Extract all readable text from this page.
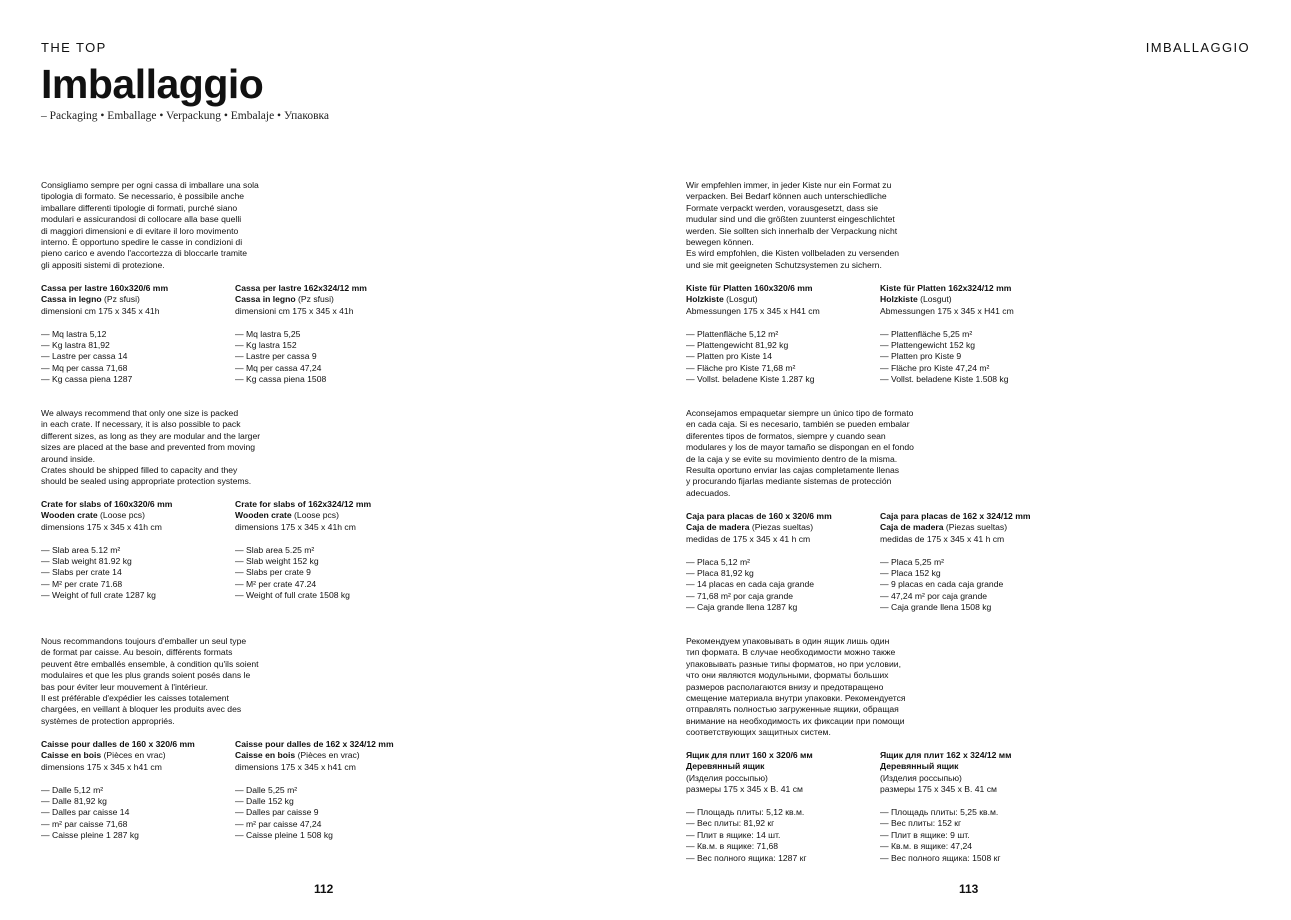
THE TOP
Imballaggio
– Packaging • Emballage • Verpackung • Embalaje • Упаковка
IMBALLAGGIO
Consigliamo sempre per ogni cassa di imballare una sola
tipologia di formato. Se necessario, è possibile anche
imballare differenti tipologie di formati, purché siano
modulari e assicurandosi di collocare alla base quelli
di maggiori dimensioni e di evitare il loro movimento
interno. È opportuno spedire le casse in condizioni di
pieno carico e avendo l'accortezza di bloccarle tramite
gli appositi sistemi di protezione.
Cassa per lastre 160x320/6 mm
Cassa in legno (Pz sfusi)
dimensioni cm 175 x 345 x 41h
— Mq lastra 5,12
— Kg lastra 81,92
— Lastre per cassa 14
— Mq per cassa 71,68
— Kg cassa piena 1287
Cassa per lastre 162x324/12 mm
Cassa in legno (Pz sfusi)
dimensioni cm 175 x 345 x 41h
— Mq lastra 5,25
— Kg lastra 152
— Lastre per cassa 9
— Mq per cassa 47,24
— Kg cassa piena 1508
We always recommend that only one size is packed
in each crate. If necessary, it is also possible to pack
different sizes, as long as they are modular and the larger
sizes are placed at the base and prevented from moving
around inside.
Crates should be shipped filled to capacity and they
should be sealed using appropriate protection systems.
Crate for slabs of 160x320/6 mm
Wooden crate (Loose pcs)
dimensions 175 x 345 x 41h cm
— Slab area 5.12 m²
— Slab weight 81.92 kg
— Slabs per crate 14
— M² per crate 71.68
— Weight of full crate 1287 kg
Crate for slabs of 162x324/12 mm
Wooden crate (Loose pcs)
dimensions 175 x 345 x 41h cm
— Slab area 5.25 m²
— Slab weight 152 kg
— Slabs per crate 9
— M² per crate 47.24
— Weight of full crate 1508 kg
Nous recommandons toujours d'emballer un seul type
de format par caisse. Au besoin, différents formats
peuvent être emballés ensemble, à condition qu'ils soient
modulaires et que les plus grands soient posés dans le
bas pour éviter leur mouvement à l'intérieur.
Il est préférable d'expédier les caisses totalement
chargées, en veillant à bloquer les produits avec des
systèmes de protection appropriés.
Caisse pour dalles de 160 x 320/6 mm
Caisse en bois (Pièces en vrac)
dimensions 175 x 345 x h41 cm
— Dalle 5,12 m²
— Dalle 81,92 kg
— Dalles par caisse 14
— m² par caisse 71,68
— Caisse pleine 1 287 kg
Caisse pour dalles de 162 x 324/12 mm
Caisse en bois (Pièces en vrac)
dimensions 175 x 345 x h41 cm
— Dalle 5,25 m²
— Dalle 152 kg
— Dalles par caisse 9
— m² par caisse 47,24
— Caisse pleine 1 508 kg
Wir empfehlen immer, in jeder Kiste nur ein Format zu
verpacken. Bei Bedarf können auch unterschiedliche
Formate verpackt werden, vorausgesetzt, dass sie
mudular sind und die größten zuunterst eingeschlichtet
werden. Sie sollten sich innerhalb der Verpackung nicht
bewegen können.
Es wird empfohlen, die Kisten vollbeladen zu versenden
und sie mit geeigneten Schutzsystemen zu sichern.
Kiste für Platten 160x320/6 mm
Holzkiste (Losgut)
Abmessungen 175 x 345 x H41 cm
— Plattenfläche 5,12 m²
— Plattengewicht 81,92 kg
— Platten pro Kiste 14
— Fläche pro Kiste 71,68 m²
— Vollst. beladene Kiste 1.287 kg
Kiste für Platten 162x324/12 mm
Holzkiste (Losgut)
Abmessungen 175 x 345 x H41 cm
— Plattenfläche 5,25 m²
— Plattengewicht 152 kg
— Platten pro Kiste 9
— Fläche pro Kiste 47,24 m²
— Vollst. beladene Kiste 1.508 kg
Aconsejamos empaquetar siempre un único tipo de formato
en cada caja. Si es necesario, también se pueden embalar
diferentes tipos de formatos, siempre y cuando sean
modulares y los de mayor tamaño se dispongan en el fondo
de la caja y se evite su movimiento dentro de la misma.
Resulta oportuno enviar las cajas completamente llenas
y procurando fijarlas mediante sistemas de protección
adecuados.
Caja para placas de 160 x 320/6 mm
Caja de madera (Piezas sueltas)
medidas de 175 x 345 x 41 h cm
— Placa 5,12 m²
— Placa 81,92 kg
— 14 placas en cada caja grande
— 71,68 m² por caja grande
— Caja grande llena 1287 kg
Caja para placas de 162 x 324/12 mm
Caja de madera (Piezas sueltas)
medidas de 175 x 345 x 41 h cm
— Placa 5,25 m²
— Placa 152 kg
— 9 placas en cada caja grande
— 47,24 m² por caja grande
— Caja grande llena 1508 kg
Рекомендуем упаковывать в один ящик лишь один
тип формата. В случае необходимости можно также
упаковывать разные типы форматов, но при условии,
что они являются модульными, форматы больших
размеров располагаются внизу и предотвращено
смещение материала внутри упаковки. Рекомендуется
отправлять полностью загруженные ящики, обращая
внимание на необходимость их фиксации при помощи
соответствующих защитных систем.
Ящик для плит 160 x 320/6 мм
Деревянный ящик
(Изделия россыпью)
размеры 175 x 345 x В. 41 см
— Площадь плиты: 5,12 кв.м.
— Вес плиты: 81,92 кг
— Плит в ящике: 14 шт.
— Кв.м. в ящике: 71,68
— Вес полного ящика: 1287 кг
Ящик для плит 162 x 324/12 мм
Деревянный ящик
(Изделия россыпью)
размеры 175 x 345 x В. 41 см
— Площадь плиты: 5,25 кв.м.
— Вес плиты: 152 кг
— Плит в ящике: 9 шт.
— Кв.м. в ящике: 47,24
— Вес полного ящика: 1508 кг
112	113
